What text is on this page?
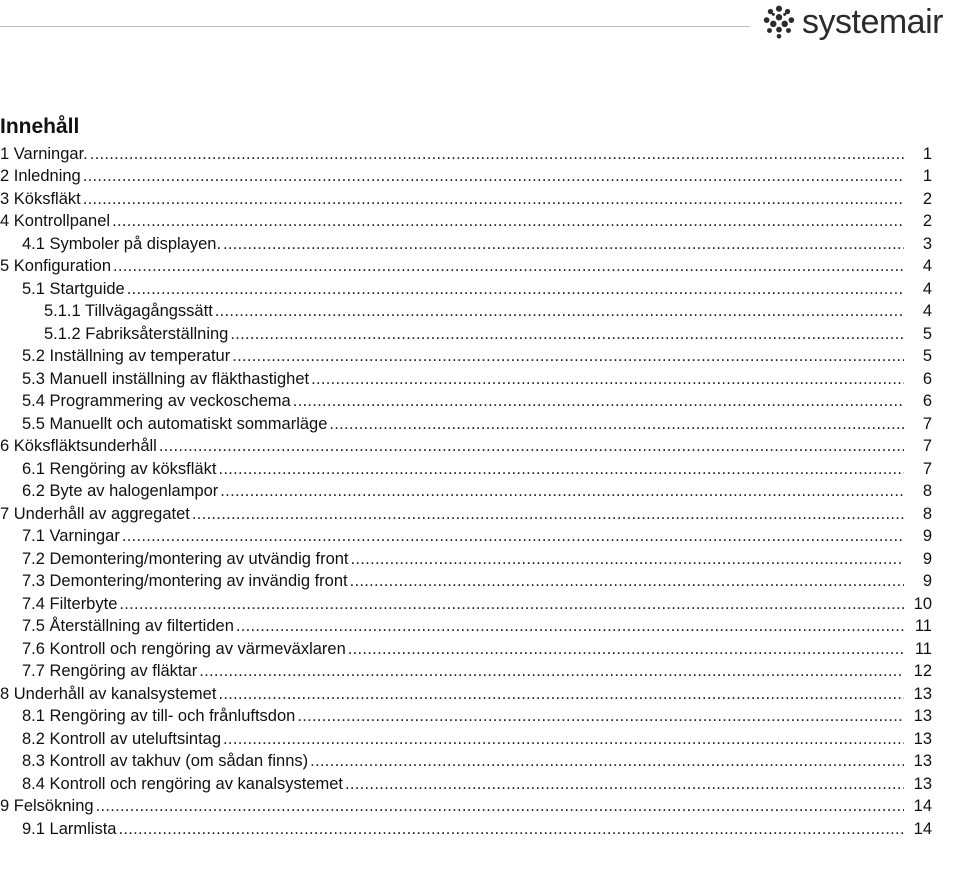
systemair
Innehåll
1 Varningar. .....	1
2 Inledning .....	1
3 Köksfläkt .....	2
4 Kontrollpanel .....	2
4.1 Symboler på displayen. .....	3
5 Konfiguration .....	4
5.1 Startguide .....	4
5.1.1 Tillvägagångssätt .....	4
5.1.2 Fabriksåterställning .....	5
5.2 Inställning av temperatur .....	5
5.3 Manuell inställning av fläkthastighet .....	6
5.4 Programmering av veckoschema .....	6
5.5 Manuellt och automatiskt sommarläge .....	7
6 Köksfläktsunderhåll .....	7
6.1 Rengöring av köksfläkt .....	7
6.2 Byte av halogenlampor .....	8
7 Underhåll av aggregatet .....	8
7.1 Varningar .....	9
7.2 Demontering/montering av utvändig front .....	9
7.3 Demontering/montering av invändig front .....	9
7.4 Filterbyte .....	10
7.5 Återställning av filtertiden .....	11
7.6 Kontroll och rengöring av värmeväxlaren .....	11
7.7 Rengöring av fläktar .....	12
8 Underhåll av kanalsystemet .....	13
8.1 Rengöring av till- och frånluftsdon .....	13
8.2 Kontroll av uteluftsintag .....	13
8.3 Kontroll av takhuv (om sådan finns) .....	13
8.4 Kontroll och rengöring av kanalsystemet .....	13
9 Felsökning .....	14
9.1 Larmlista .....	14
